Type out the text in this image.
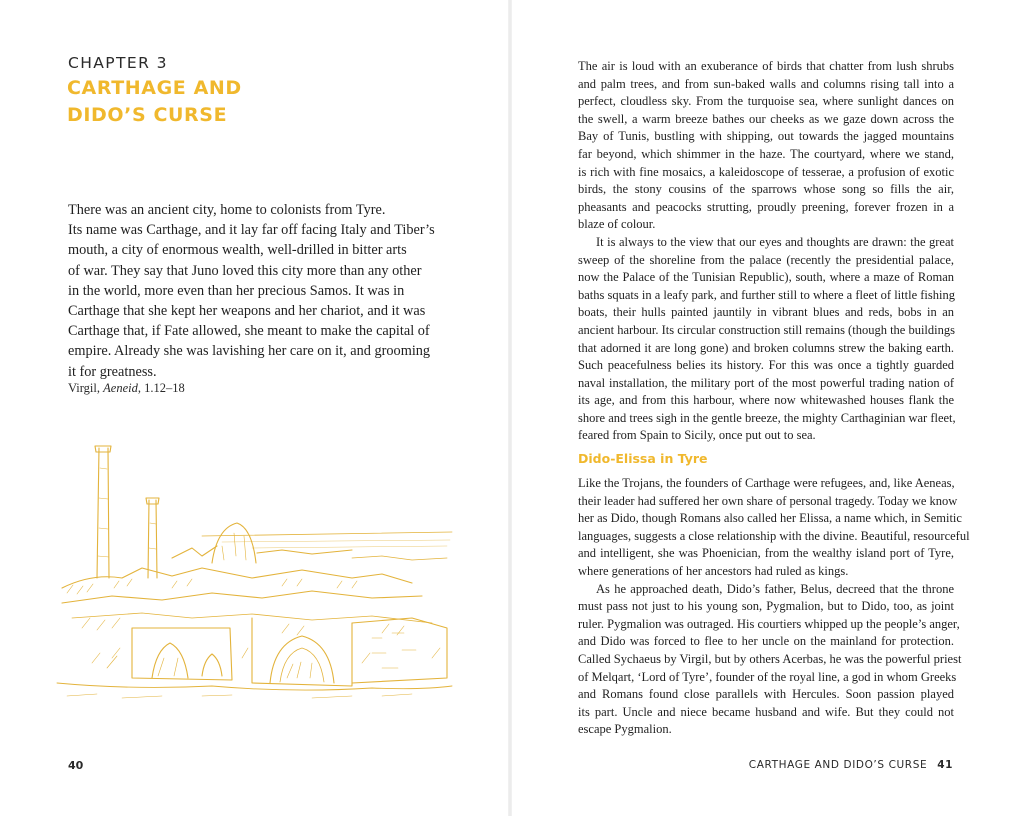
CHAPTER 3
CARTHAGE AND
DIDO’S CURSE
There was an ancient city, home to colonists from Tyre.
Its name was Carthage, and it lay far off facing Italy and Tiber’s
mouth, a city of enormous wealth, well-drilled in bitter arts
of war. They say that Juno loved this city more than any other
in the world, more even than her precious Samos. It was in
Carthage that she kept her weapons and her chariot, and it was
Carthage that, if Fate allowed, she meant to make the capital of
empire. Already she was lavishing her care on it, and grooming
it for greatness.
Virgil, Aeneid, 1.12–18
40
The air is loud with an exuberance of birds that chatter from lush shrubs
and palm trees, and from sun-baked walls and columns rising tall into a
perfect, cloudless sky. From the turquoise sea, where sunlight dances on
the swell, a warm breeze bathes our cheeks as we gaze down across the
Bay of Tunis, bustling with shipping, out towards the jagged mountains
far beyond, which shimmer in the haze. The courtyard, where we stand,
is rich with fine mosaics, a kaleidoscope of tesserae, a profusion of exotic
birds, the stony cousins of the sparrows whose song so fills the air,
pheasants and peacocks strutting, proudly preening, forever frozen in a
blaze of colour.
It is always to the view that our eyes and thoughts are drawn: the great
sweep of the shoreline from the palace (recently the presidential palace,
now the Palace of the Tunisian Republic), south, where a maze of Roman
baths squats in a leafy park, and further still to where a fleet of little fishing
boats, their hulls painted jauntily in vibrant blues and reds, bobs in an
ancient harbour. Its circular construction still remains (though the buildings
that adorned it are long gone) and broken columns strew the baking earth.
Such peacefulness belies its history. For this was once a tightly guarded
naval installation, the military port of the most powerful trading nation of
its age, and from this harbour, where now whitewashed houses flank the
shore and trees sigh in the gentle breeze, the mighty Carthaginian war fleet,
feared from Spain to Sicily, once put out to sea.
Dido-Elissa in Tyre
Like the Trojans, the founders of Carthage were refugees, and, like Aeneas,
their leader had suffered her own share of personal tragedy. Today we know
her as Dido, though Romans also called her Elissa, a name which, in Semitic
languages, suggests a close relationship with the divine. Beautiful, resourceful
and intelligent, she was Phoenician, from the wealthy island port of Tyre,
where generations of her ancestors had ruled as kings.
As he approached death, Dido’s father, Belus, decreed that the throne
must pass not just to his young son, Pygmalion, but to Dido, too, as joint
ruler. Pygmalion was outraged. His courtiers whipped up the people’s anger,
and Dido was forced to flee to her uncle on the mainland for protection.
Called Sychaeus by Virgil, but by others Acerbas, he was the powerful priest
of Melqart, ‘Lord of Tyre’, founder of the royal line, a god in whom Greeks
and Romans found close parallels with Hercules. Soon passion played
its part. Uncle and niece became husband and wife. But they could not
escape Pygmalion.
CARTHAGE AND DIDO’S CURSE 41
